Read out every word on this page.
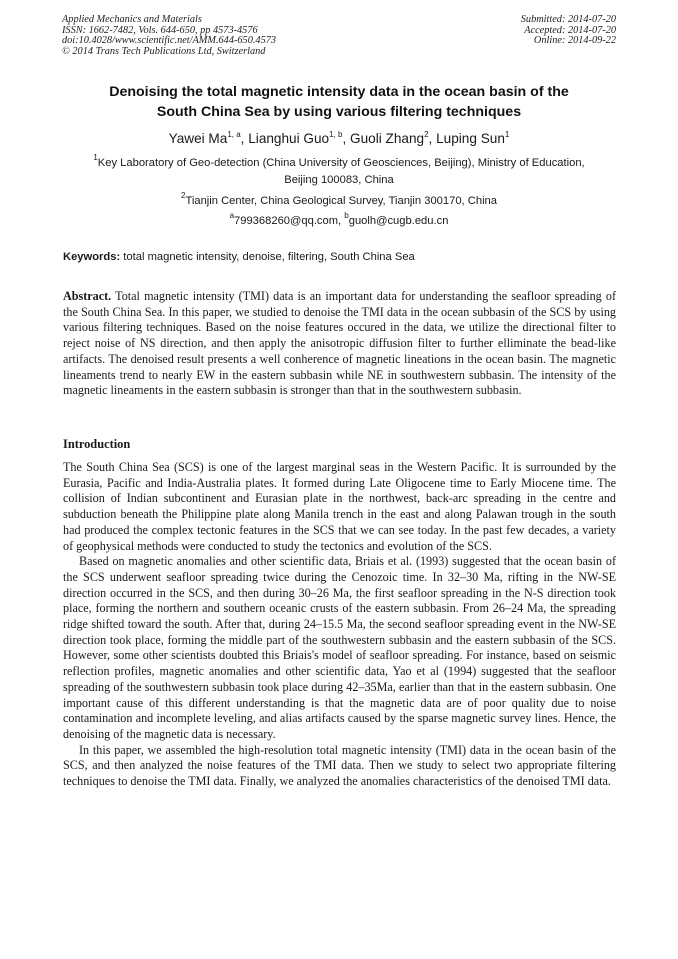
Applied Mechanics and Materials
ISSN: 1662-7482, Vols. 644-650, pp 4573-4576
doi:10.4028/www.scientific.net/AMM.644-650.4573
© 2014 Trans Tech Publications Ltd, Switzerland
Submitted: 2014-07-20
Accepted: 2014-07-20
Online: 2014-09-22
Denoising the total magnetic intensity data in the ocean basin of the
South China Sea by using various filtering techniques
Yawei Ma$^{1, a}$, Lianghui Guo$^{1, b}$, Guoli Zhang$^2$, Luping Sun$^1$
$^1$Key Laboratory of Geo-detection (China University of Geosciences, Beijing), Ministry of Education,
Beijing 100083, China
$^2$Tianjin Center, China Geological Survey, Tianjin 300170, China
$^a$799368260@qq.com, $^b$guolh@cugb.edu.cn
Keywords: total magnetic intensity, denoise, filtering, South China Sea

Abstract. Total magnetic intensity (TMI) data is an important data for understanding the seafloor spreading of the South China Sea. In this paper, we studied to denoise the TMI data in the ocean subbasin of the SCS by using various filtering techniques. Based on the noise features occured in the data, we utilize the directional filter to reject noise of NS direction, and then apply the anisotropic diffusion filter to further elliminate the bead-like artifacts. The denoised result presents a well conherence of magnetic lineations in the ocean basin. The magnetic lineaments trend to nearly EW in the eastern subbasin while NE in southwestern subbasin. The intensity of the magnetic lineaments in the eastern subbasin is stronger than that in the southwestern subbasin.

Introduction

The South China Sea (SCS) is one of the largest marginal seas in the Western Pacific. It is surrounded by the Eurasia, Pacific and India-Australia plates. It formed during Late Oligocene time to Early Miocene time. The collision of Indian subcontinent and Eurasian plate in the northwest, back-arc spreading in the centre and subduction beneath the Philippine plate along Manila trench in the east and along Palawan trough in the south had produced the complex tectonic features in the SCS that we can see today. In the past few decades, a variety of geophysical methods were conducted to study the tectonics and evolution of the SCS.

Based on magnetic anomalies and other scientific data, Briais et al. (1993) suggested that the ocean basin of the SCS underwent seafloor spreading twice during the Cenozoic time. In 32–30 Ma, rifting in the NW-SE direction occurred in the SCS, and then during 30–26 Ma, the first seafloor spreading in the N-S direction took place, forming the northern and southern oceanic crusts of the eastern subbasin. From 26–24 Ma, the spreading ridge shifted toward the south. After that, during 24–15.5 Ma, the second seafloor spreading event in the NW-SE direction took place, forming the middle part of the southwestern subbasin and the eastern subbasin of the SCS. However, some other scientists doubted this Briais's model of seafloor spreading. For instance, based on seismic reflection profiles, magnetic anomalies and other scientific data, Yao et al (1994) suggested that the seafloor spreading of the southwestern subbasin took place during 42–35Ma, earlier than that in the eastern subbasin. One important cause of this different understanding is that the magnetic data are of poor quality due to noise contamination and incomplete leveling, and alias artifacts caused by the sparse magnetic survey lines. Hence, the denoising of the magnetic data is necessary.

In this paper, we assembled the high-resolution total magnetic intensity (TMI) data in the ocean basin of the SCS, and then analyzed the noise features of the TMI data. Then we study to select two appropriate filtering techniques to denoise the TMI data. Finally, we analyzed the anomalies characteristics of the denoised TMI data.
